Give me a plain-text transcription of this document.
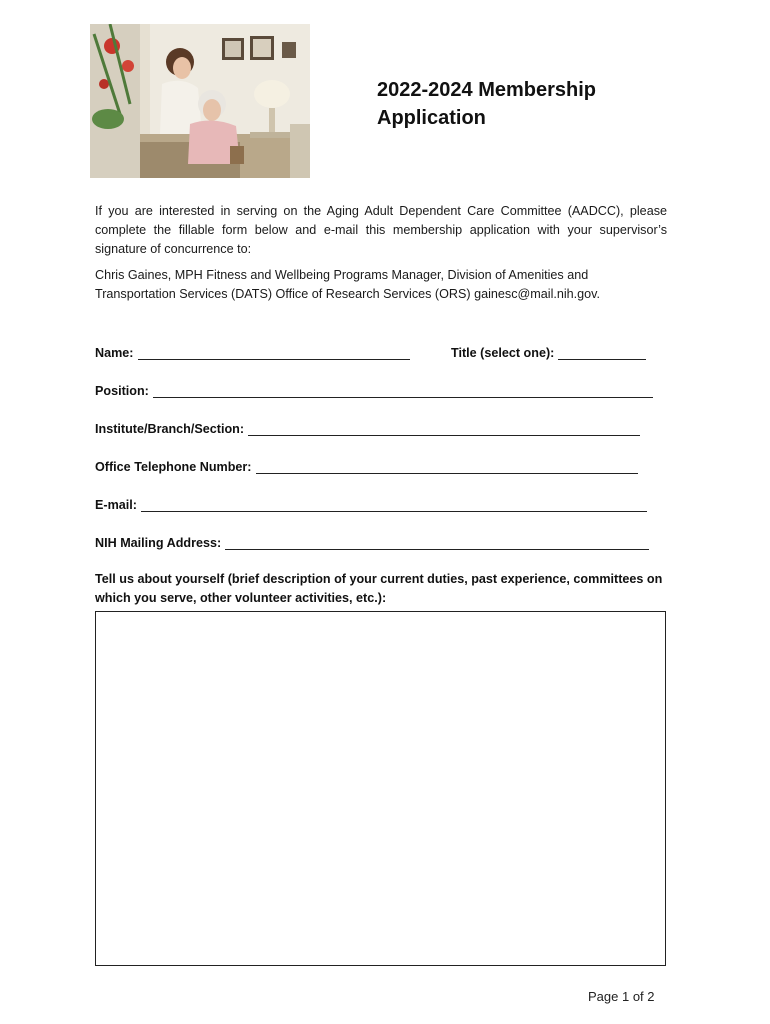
2022-2024 Membership
Application
If you are interested in serving on the Aging Adult Dependent Care Committee (AADCC), please complete the fillable form below and e-mail this membership application with your supervisor’s signature of concurrence to:
Chris Gaines, MPH Fitness and Wellbeing Programs Manager, Division of Amenities and Transportation Services (DATS) Office of Research Services (ORS) gainesc@mail.nih.gov.
Name:	Title (select one):
Position:
Institute/Branch/Section:
Office Telephone Number:
E-mail:
NIH Mailing Address:
Tell us about yourself (brief description of your current duties, past experience, committees on which you serve, other volunteer activities, etc.):
Page 1 of 2
